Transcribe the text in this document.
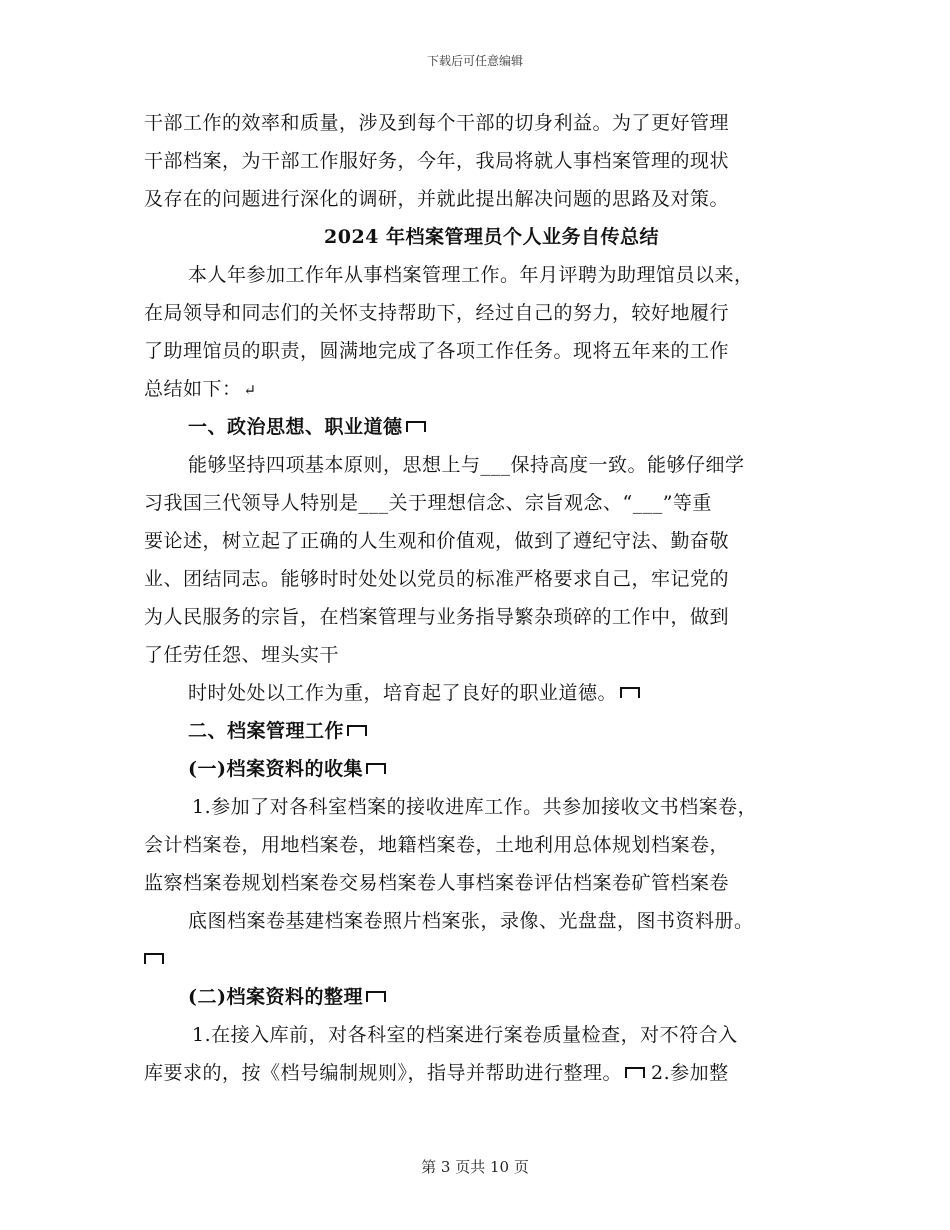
下载后可任意编辑
干部工作的效率和质量，涉及到每个干部的切身利益。为了更好管理
干部档案，为干部工作服好务，今年，我局将就人事档案管理的现状
及存在的问题进行深化的调研，并就此提出解决问题的思路及对策。
2024 年档案管理员个人业务自传总结
本人年参加工作年从事档案管理工作。年月评聘为助理馆员以来，
在局领导和同志们的关怀支持帮助下，经过自己的努力，较好地履行
了助理馆员的职责，圆满地完成了各项工作任务。现将五年来的工作
总结如下： ↵
一、政治思想、职业道德
能够坚持四项基本原则，思想上与___保持高度一致。能够仔细学
习我国三代领导人特别是___关于理想信念、宗旨观念、“___”等重
要论述，树立起了正确的人生观和价值观，做到了遵纪守法、勤奋敬
业、团结同志。能够时时处处以党员的标准严格要求自己，牢记党的
为人民服务的宗旨，在档案管理与业务指导繁杂琐碎的工作中，做到
了任劳任怨、埋头实干
时时处处以工作为重，培育起了良好的职业道德。
二、档案管理工作
(一)档案资料的收集
1.参加了对各科室档案的接收进库工作。共参加接收文书档案卷，
会计档案卷，用地档案卷，地籍档案卷，土地利用总体规划档案卷，
监察档案卷规划档案卷交易档案卷人事档案卷评估档案卷矿管档案卷
底图档案卷基建档案卷照片档案张，录像、光盘盘，图书资料册。
(二)档案资料的整理
1.在接入库前，对各科室的档案进行案卷质量检查，对不符合入
库要求的，按《档号编制规则》，指导并帮助进行整理。 2.参加整
第 3 页共 10 页
